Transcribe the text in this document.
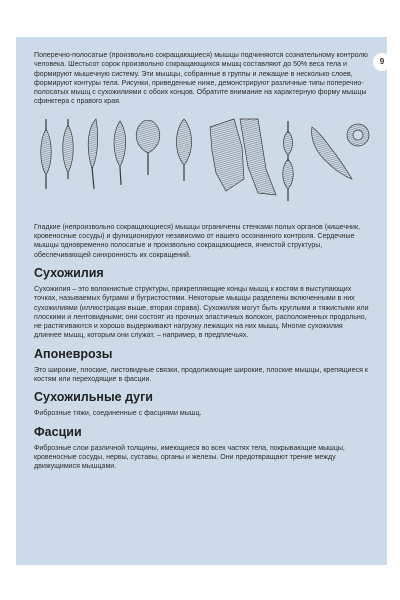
Поперечно-полосатые (произвольно сокращающиеся) мышцы подчиняются сознательному контролю человека. Шестьсот сорок произвольно сокращающихся мышц составляют до 50% веса тела и формируют мышечную систему. Эти мышцы, собранные в группы и лежащие в несколько слоев, формируют контуры тела. Рисунки, приведенные ниже, демонстрируют различные типы поперечно-полосатых мышц с сухожилиями с обоих концов. Обратите внимание на характерную форму мышцы сфинктера с правого края.

Гладкие (непроизвольно сокращающиеся) мышцы ограничены стенками полых органов (кишечник, кровеносные сосуды) и функционируют независимо от нашего осознанного контроля. Сердечные мышцы одновременно полосатые и произвольно сокращающиеся, ячеистой структуры, обеспечивающей синхронность их сокращений.

Сухожилия

Сухожилия – это волокнистые структуры, прикрепляющие концы мышц к костям в выступающих точках, называемых буграми и бугристостями. Некоторые мышцы разделены включенными в них сухожилиями (иллюстрация выше, вторая справа). Сухожилия могут быть круглыми и тяжистыми или плоскими и лентовидными; они состоят из прочных эластичных волокон, расположенных продольно, не растягиваются и хорошо выдерживают нагрузку лежащих на них мышц. Многие сухожилия длиннее мышц, которым они служат, – например, в предплечьях.

Апоневрозы

Это широкие, плоские, листовидные связки, продолжающие широкие, плоские мышцы, крепящиеся к костям или переходящие в фасции.

Сухожильные дуги

Фиброзные тяжи, соединенные с фасциями мышц.

Фасции

Фиброзные слои различной толщины, имеющиеся во всех частях тела, покрывающие мышцы, кровеносные сосуды, нервы, суставы, органы и железы. Они предотвращают трение между движущимися мышцами.

9
